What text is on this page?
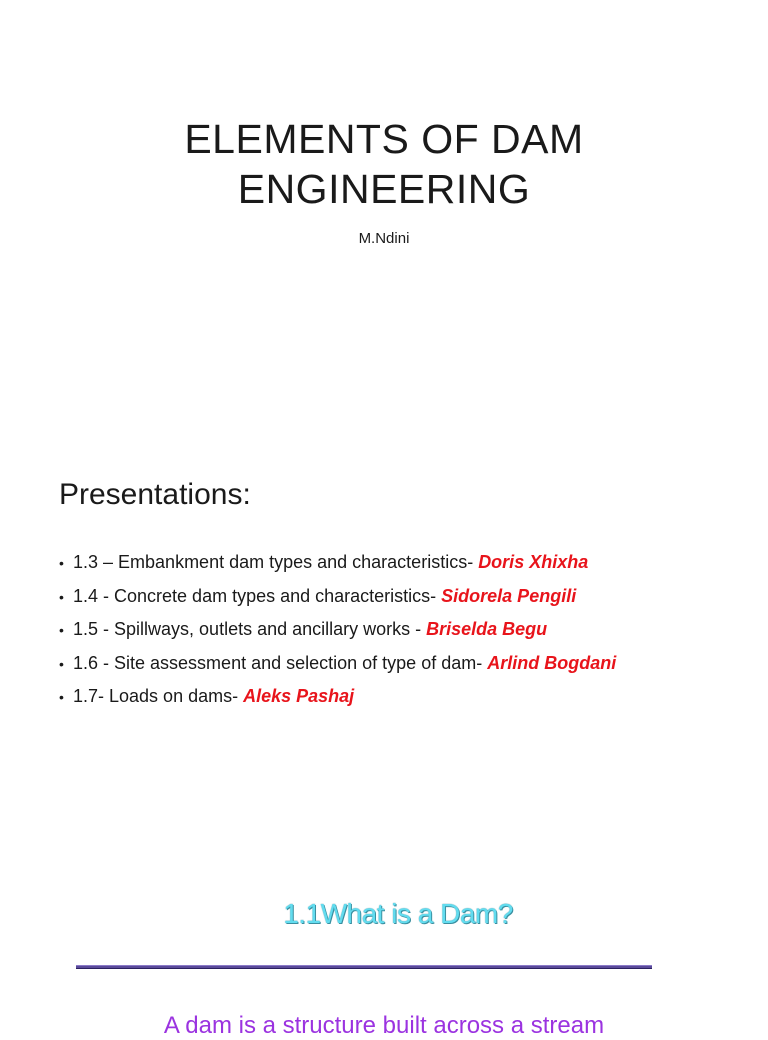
ELEMENTS OF DAM
ENGINEERING
M.Ndini
Presentations:
• 1.3 – Embankment dam types and characteristics- Doris Xhixha
• 1.4 - Concrete dam types and characteristics- Sidorela Pengili
• 1.5 - Spillways, outlets and ancillary works - Briselda Begu
• 1.6 - Site assessment and selection of type of dam- Arlind Bogdani
• 1.7- Loads on dams- Aleks Pashaj
1.1What is a Dam?
A dam is a structure built across a stream
